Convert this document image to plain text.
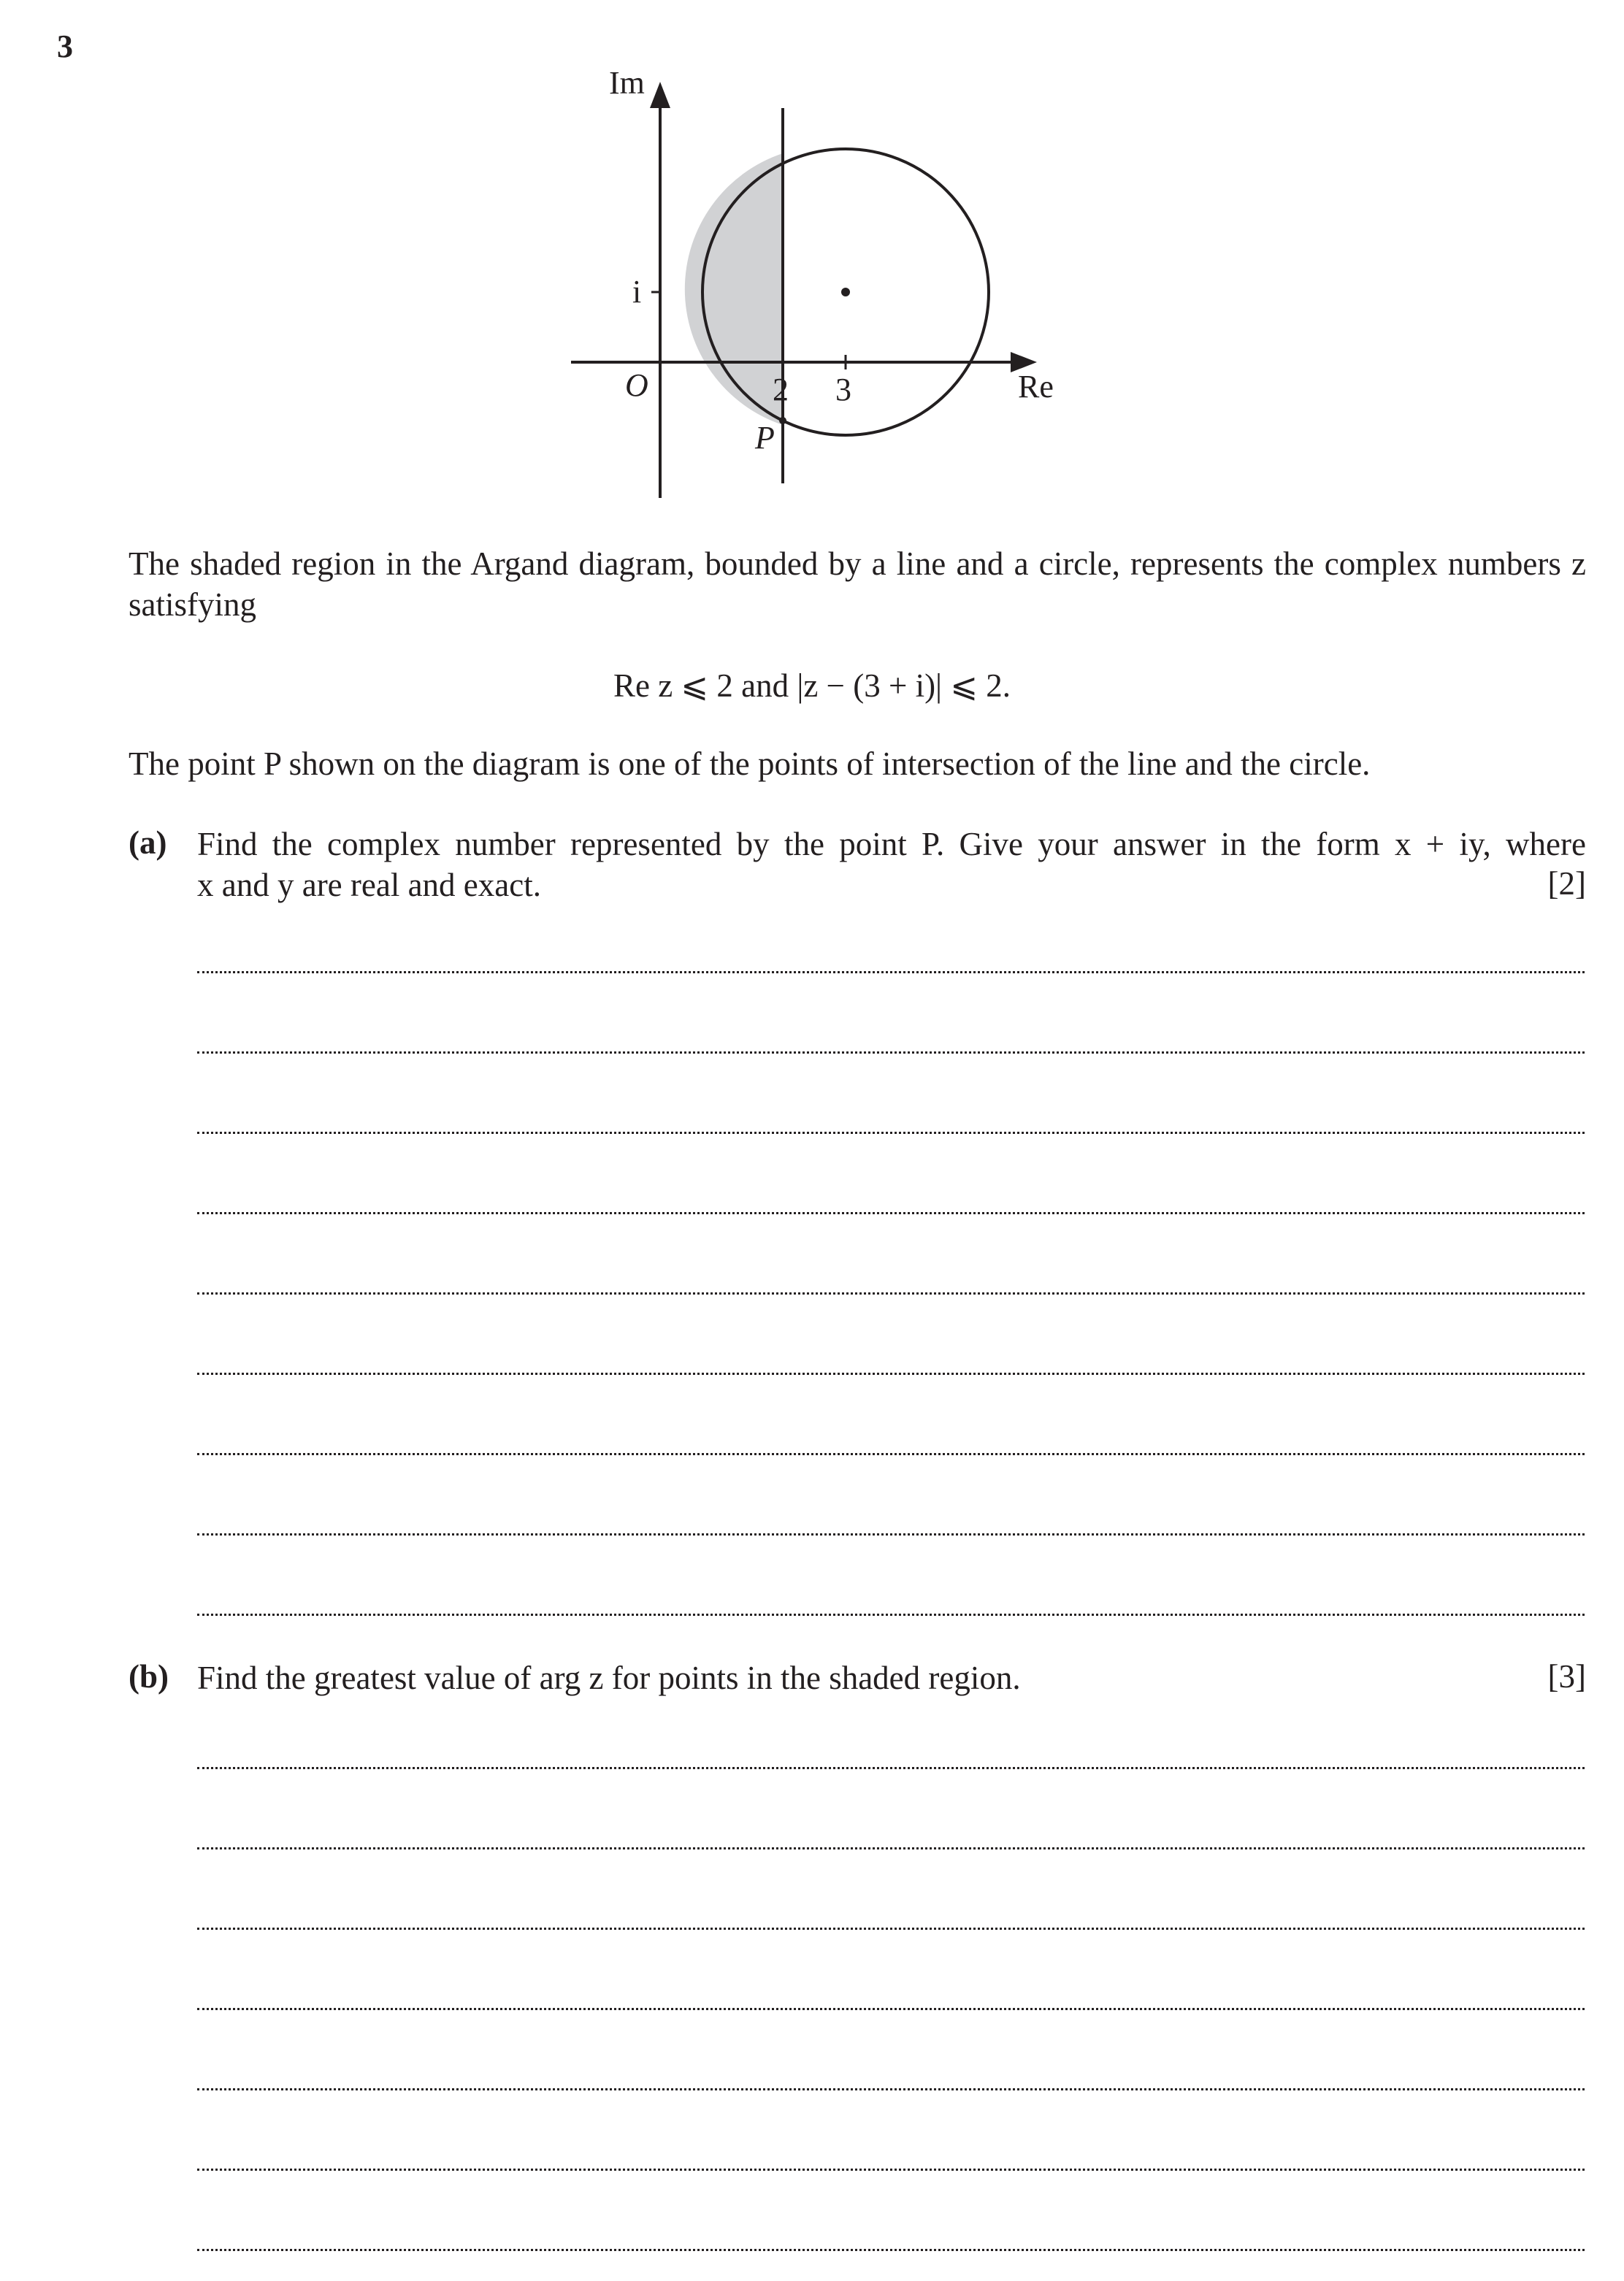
3
Im
Re
O
i
2 3
P
The shaded region in the Argand diagram, bounded by a line and a circle, represents the complex numbers z satisfying
Re z ⩽ 2 and |z − (3 + i)| ⩽ 2.
The point P shown on the diagram is one of the points of intersection of the line and the circle.
(a) Find the complex number represented by the point P. Give your answer in the form x + iy, where
x and y are real and exact.	[2]
(b) Find the greatest value of arg z for points in the shaded region.	[3]
